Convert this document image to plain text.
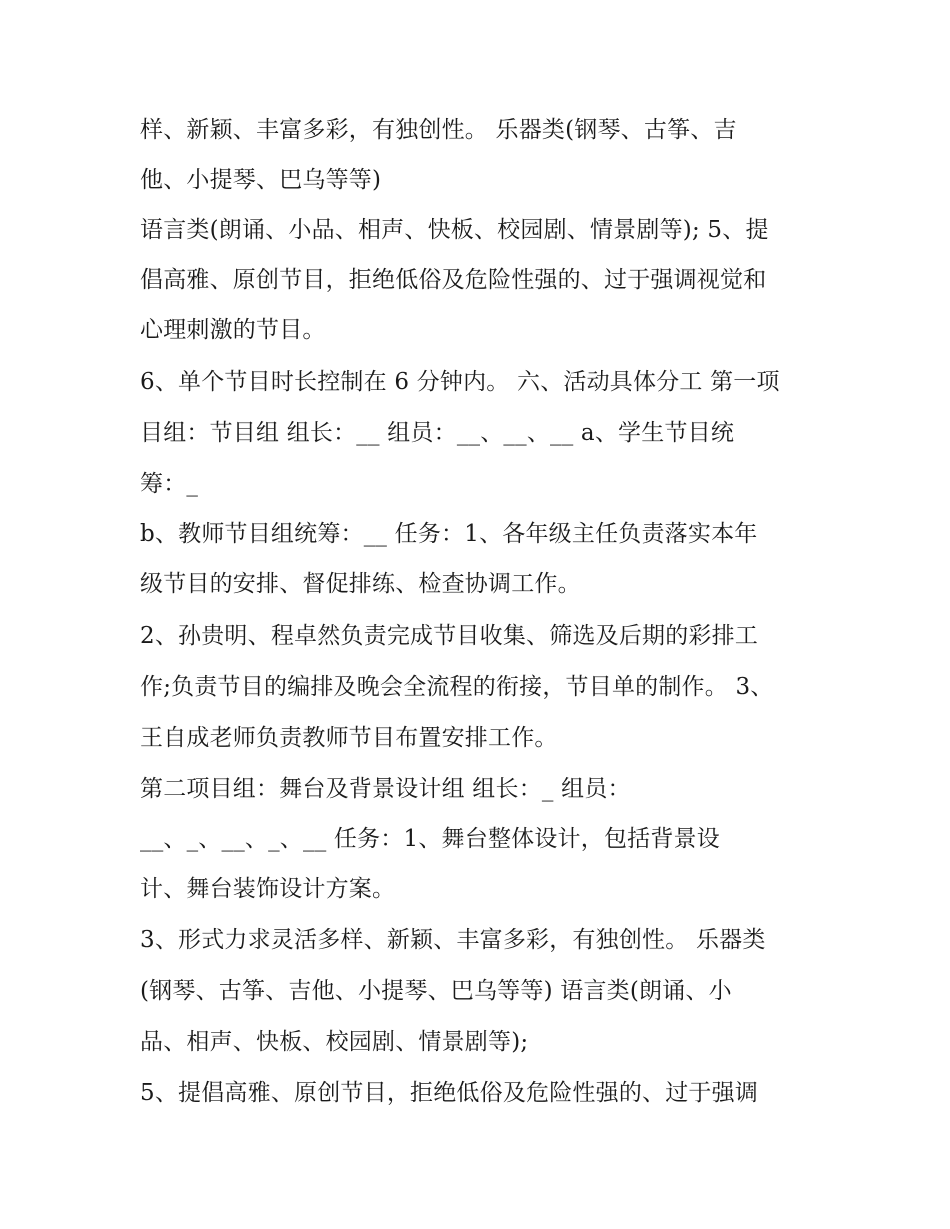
样、新颖、丰富多彩，有独创性。 乐器类(钢琴、古筝、吉
他、小提琴、巴乌等等)
语言类(朗诵、小品、相声、快板、校园剧、情景剧等); 5、提
倡高雅、原创节目，拒绝低俗及危险性强的、过于强调视觉和
心理刺激的节目。
6、单个节目时长控制在 6 分钟内。 六、活动具体分工 第一项
目组：节目组 组长：__ 组员：__、__、__ a、学生节目统
筹：_
b、教师节目组统筹：__ 任务：1、各年级主任负责落实本年
级节目的安排、督促排练、检查协调工作。
2、孙贵明、程卓然负责完成节目收集、筛选及后期的彩排工
作;负责节目的编排及晚会全流程的衔接，节目单的制作。 3、
王自成老师负责教师节目布置安排工作。
第二项目组：舞台及背景设计组 组长：_ 组员：
__、_、__、_、__ 任务：1、舞台整体设计，包括背景设
计、舞台装饰设计方案。
3、形式力求灵活多样、新颖、丰富多彩，有独创性。 乐器类
(钢琴、古筝、吉他、小提琴、巴乌等等) 语言类(朗诵、小
品、相声、快板、校园剧、情景剧等);
5、提倡高雅、原创节目，拒绝低俗及危险性强的、过于强调
